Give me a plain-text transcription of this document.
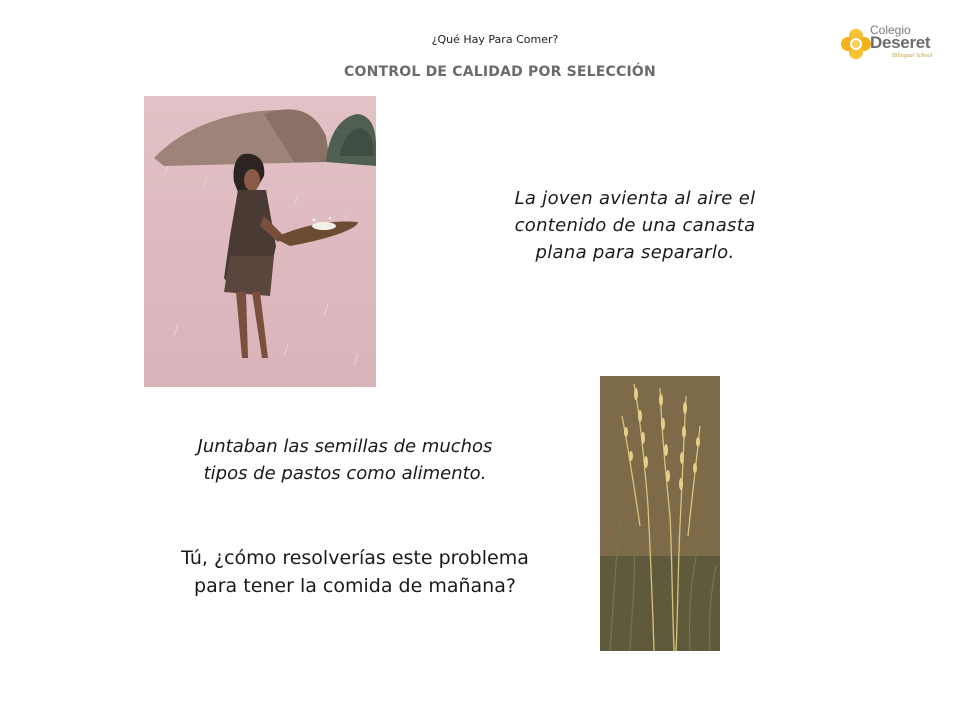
¿Qué Hay Para Comer?
CONTROL DE CALIDAD POR SELECCIÓN
Colegio
Deseret
Bilingual School
La joven avienta al aire el
contenido de una canasta
plana para separarlo.
Juntaban las semillas de muchos
tipos de pastos como alimento.
Tú, ¿cómo resolverías este problema
para tener la comida de mañana?
